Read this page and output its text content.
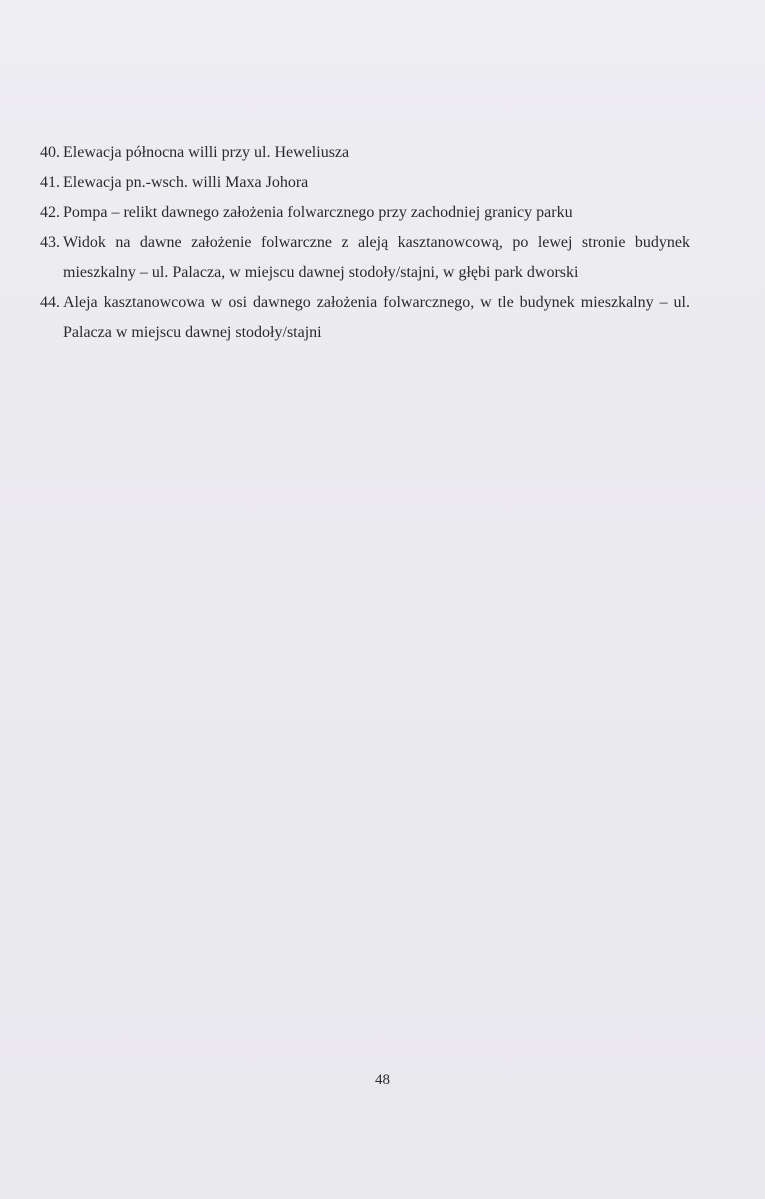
40. Elewacja północna willi przy ul. Heweliusza
41. Elewacja pn.-wsch. willi Maxa Johora
42. Pompa – relikt dawnego założenia folwarcznego przy zachodniej granicy parku
43. Widok na dawne założenie folwarczne z aleją kasztanowcową, po lewej stronie budynek mieszkalny – ul. Palacza, w miejscu dawnej stodoły/stajni, w głębi park dworski
44. Aleja kasztanowcowa w osi dawnego założenia folwarcznego, w tle budynek mieszkalny – ul. Palacza w miejscu dawnej stodoły/stajni
48
